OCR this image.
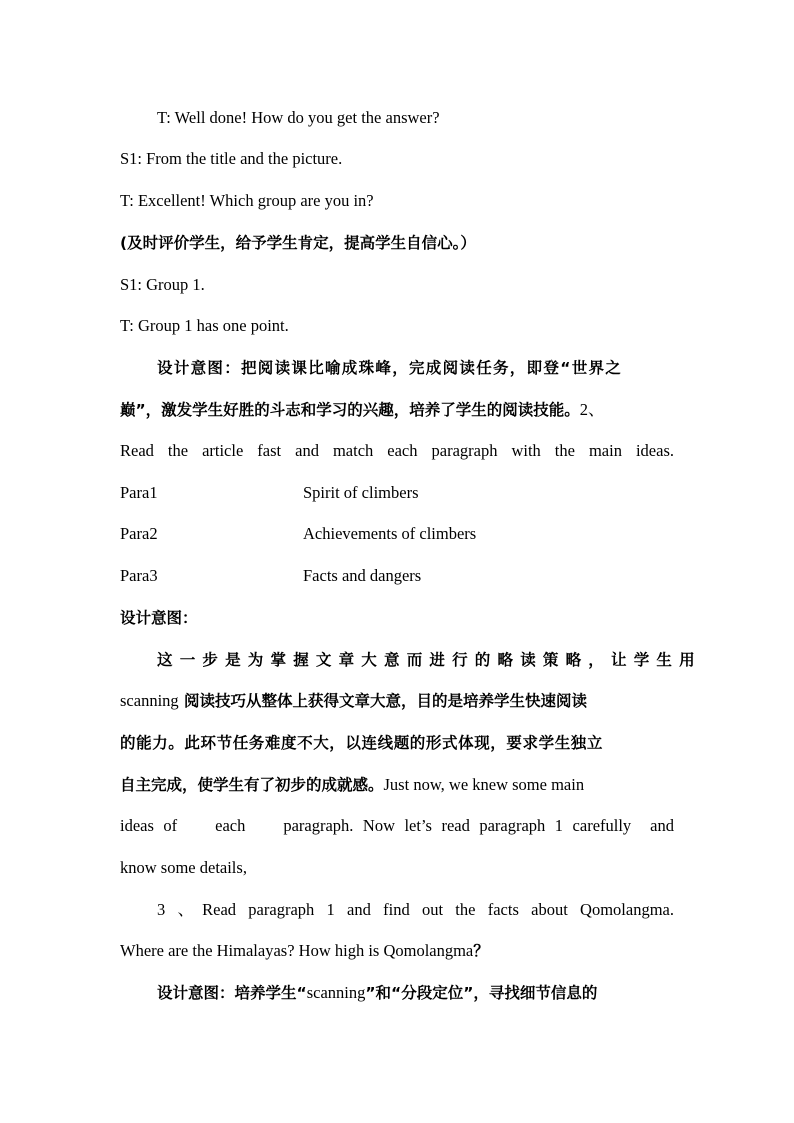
T: Well done! How do you get the answer?
S1: From the title and the picture.
T: Excellent! Which group are you in?
(及时评价学生，给予学生肯定，提高学生自信心。）
S1: Group 1.
T: Group 1 has one point.
设计意图：把阅读课比喻成珠峰，完成阅读任务，即登“世界之
巅”，激发学生好胜的斗志和学习的兴趣，培养了学生的阅读技能。2、
Read the article fast and match each paragraph with the main ideas.
Para1	Spirit of climbers
Para2	Achievements of climbers
Para3	Facts and dangers
设计意图：
这一步是为掌握文章大意而进行的略读策略，让学生用
scanning 阅读技巧从整体上获得文章大意，目的是培养学生快速阅读
的能力。此环节任务难度不大，以连线题的形式体现，要求学生独立
自主完成，使学生有了初步的成就感。Just now, we knew some main
ideas of    each    paragraph. Now let’s read paragraph 1 carefully  and
know some details,
3 、Read paragraph 1 and find out the facts about Qomolangma.
Where are the Himalayas? How high is Qomolangma？
设计意图：培养学生“scanning”和“分段定位”，寻找细节信息的
